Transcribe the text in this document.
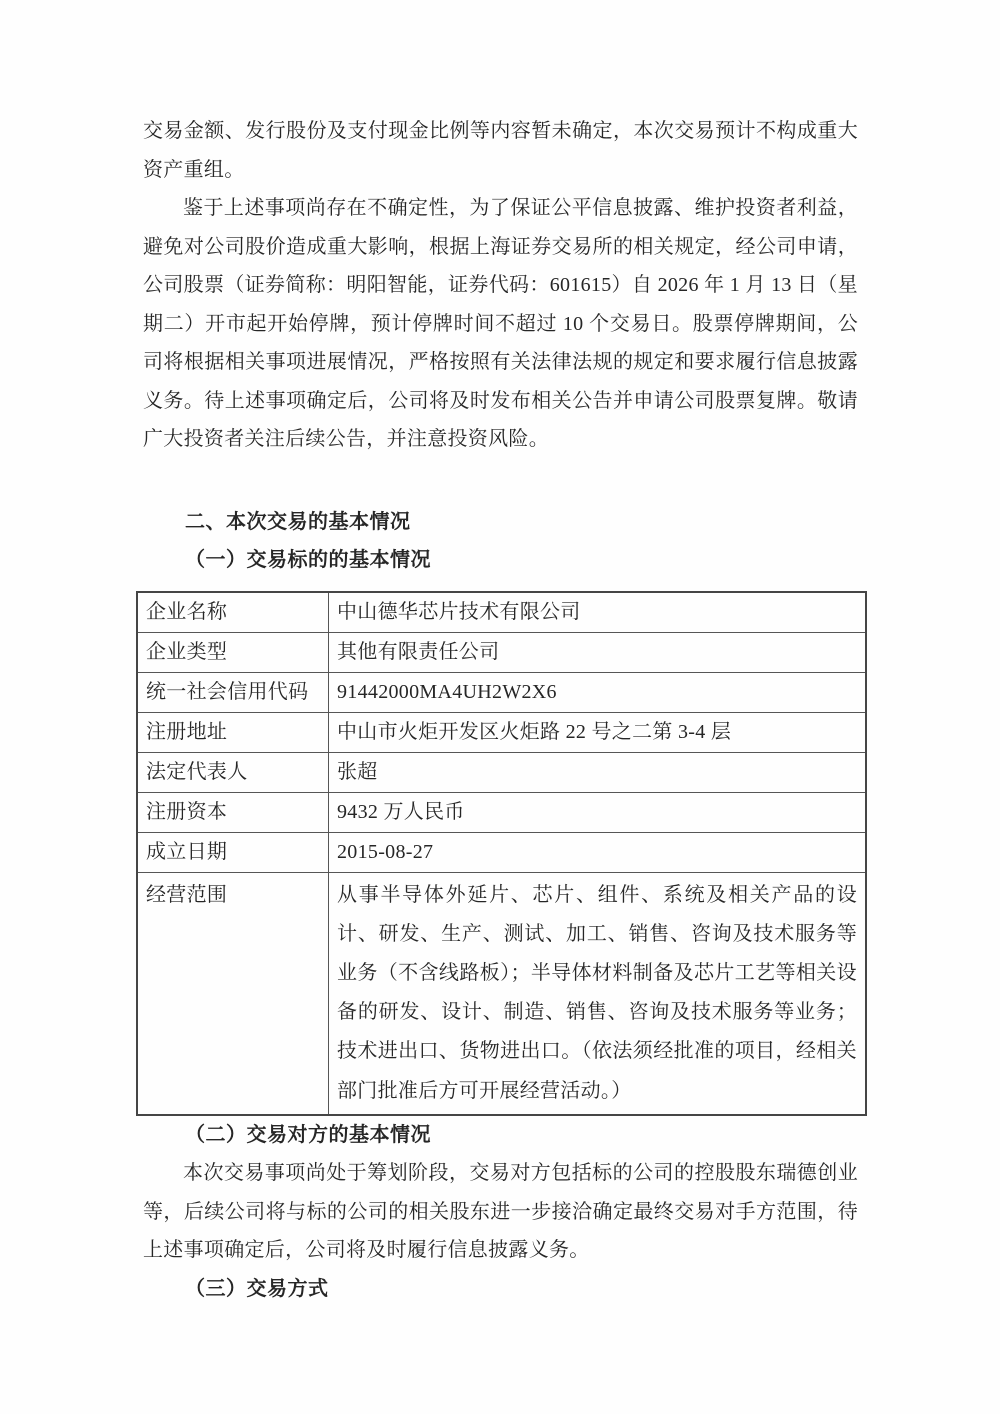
交易金额、发行股份及支付现金比例等内容暂未确定，本次交易预计不构成重大资产重组。

鉴于上述事项尚存在不确定性，为了保证公平信息披露、维护投资者利益，避免对公司股价造成重大影响，根据上海证券交易所的相关规定，经公司申请，公司股票（证券简称：明阳智能，证券代码：601615）自 2026 年 1 月 13 日（星期二）开市起开始停牌，预计停牌时间不超过 10 个交易日。股票停牌期间，公司将根据相关事项进展情况，严格按照有关法律法规的规定和要求履行信息披露义务。待上述事项确定后，公司将及时发布相关公告并申请公司股票复牌。敬请广大投资者关注后续公告，并注意投资风险。

二、本次交易的基本情况
（一）交易标的的基本情况
企业名称	中山德华芯片技术有限公司
企业类型	其他有限责任公司
统一社会信用代码	91442000MA4UH2W2X6
注册地址	中山市火炬开发区火炬路 22 号之二第 3-4 层
法定代表人	张超
注册资本	9432 万人民币
成立日期	2015-08-27
经营范围	从事半导体外延片、芯片、组件、系统及相关产品的设计、研发、生产、测试、加工、销售、咨询及技术服务等业务（不含线路板）；半导体材料制备及芯片工艺等相关设备的研发、设计、制造、销售、咨询及技术服务等业务；技术进出口、货物进出口。（依法须经批准的项目，经相关部门批准后方可开展经营活动。）
（二）交易对方的基本情况

本次交易事项尚处于筹划阶段，交易对方包括标的公司的控股股东瑞德创业等，后续公司将与标的公司的相关股东进一步接洽确定最终交易对手方范围，待上述事项确定后，公司将及时履行信息披露义务。

（三）交易方式
